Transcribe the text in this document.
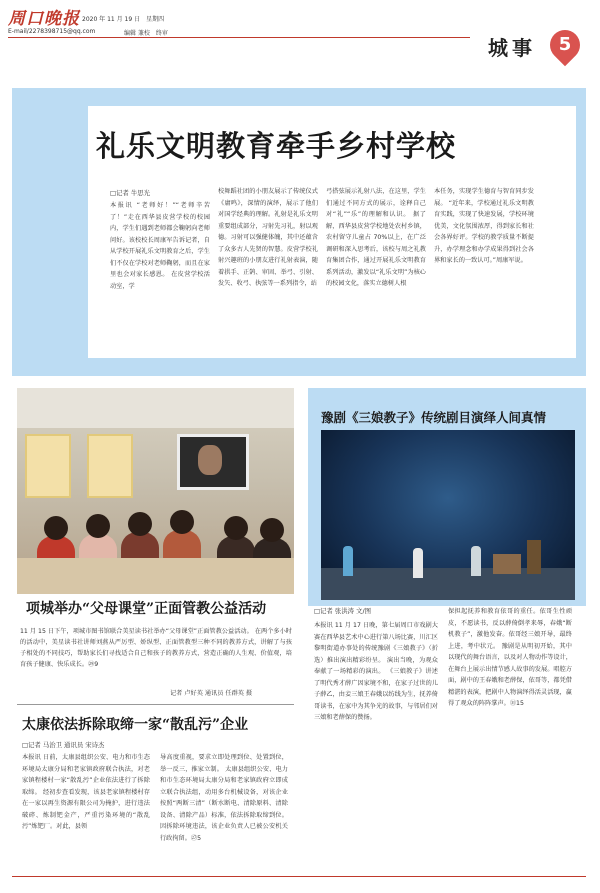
周口晚报 2020 年 11 月 19 日　星期四
E-mail/2278398715@qq.com	编辑 兼校　终审
城事	5
礼乐文明教育牵手乡村学校
□记者 牛思光
本报讯 “老师好！”“老师辛苦了！”走在西华县皮营学校的校园内，学生们遇到老师都会鞠躬向老师问好。该校校长周康军告诉记者，自从学校开展礼乐文明教育之后，学生们不仅在学校对老师鞠躬，而且在家里也会对家长感恩。 在皮营学校活动室，学
校舞蹈社团的小朋友展示了传统仪式《庸鸣》，深情的演绎，展示了他们对国学经典的理解。礼射是礼乐文明重要组成部分，习射先习礼，射以观德。习射可以强健体魄，其中还蕴含了众多古人先贤的智慧。皮营学校礼射兴趣班的小朋友进行礼射表演，随着拱手、正鹄、审固、举弓、引射、发矢、收弓、执弦等一系列指令，站
弓搭弦展示礼射八法，在这里，学生们通过不同方式的展示，诠释自己对“礼”“乐”的理解和认识。 据了解，西华县皮营学校地处农村乡镇，农村留守儿童占 70%以上，在广泛调研和深入思考后，该校与周之礼教育集团合作，通过开展礼乐文明教育系列活动，激发以“礼乐文明”为核心的校园文化，落实立德树人根
本任务，实现学生德育与智育同步发展。 “近年来，学校通过礼乐文明教育实践，实现了快速发展，学校环境优美，文化氛围浓厚，得到家长和社会各界好评。学校的教学质量不断提升，办学理念和办学成果得到社会各界和家长的一致认可。”周康军说。
项城举办“父母课堂”正面管教公益活动
11 月 15 日下午，项城市图书馆联合美星读书社举办“父母课堂”正面管教公益活动。 在两个多小时的活动中，美星读书社讲师刘燕从严厉型、娇纵型、正面管教型三种不同的教养方式，讲解了与孩子相处的不同技巧，帮助家长们寻找适合自己和孩子的教养方式，营造正确的人生观、价值观，培育孩子健康、快乐成长。㉙9
记者 卢好英 通讯员 任群英 摄
太康依法拆除取缔一家“散乱污”企业
□记者 马治卫 通讯员 宋诗杰
本报讯 日前，太康县组织公安、电力和市生态环境局太康分局和老家镇政府联合执法，对老家镇程楼村一家“散乱污”企业依法进行了拆除取缔。 经初步查看发现，该县老家镇程楼村存在一家以再生资源有限公司为掩护，进行违法破碎、炼制钯金产，严重污染环境的“散乱污”炼钯厂。对此，县领
导高度重视，要求立即处理到位、处置到位，举一反三，推家立制。 太康县组织公安、电力和市生态环境局太康分局和老家镇政府立即成立联合执法组，动用多台机械设备，对该企业按照“两断三清”（断水断电、清除原料、清除设备、清除产品）标准，依法拆除取缔到位。因拆除环境违法，该企业负责人已被公安机关行政拘留。㉗5
豫剧《三娘教子》传统剧目演绎人间真情
□记者 张洪涛 文/图
本报讯 11 月 17 日晚，第七届周口市戏剧大赛在西华县艺术中心进行第八场比赛，川汇区黎明街道办事处的传统豫剧《三娘教子》（折选）推出演出精彩纷呈。 演出当晚，为观众奉献了一场精彩的演出。 《三娘教子》讲述了明代秀才薛广因家境不和，在家子过世的儿子薛乙，由妾三娘王春娥以纺线为生，抚养倚哥读书，在家中为其争光的故事，与邻居们对三娘和老薛保的赞扬。
保担起抚养和教育依哥的重任。依哥生性顽皮，不愿读书，反以薛倚倒孝来辱，春娥“断机教子”，激他发奋。依哥经三娘开导，最终上进，考中状元。 豫剧是从明初开始，其中以现代的舞台语言，以及对人物动作等设计，在舞台上展示出情节感人故事的发展。唱腔方面，剧中的王春娥和老薛保，依哥等，都凭借精湛的表演，把剧中人物演绎得活灵活现，赢得了观众的阵阵掌声。㉛15
